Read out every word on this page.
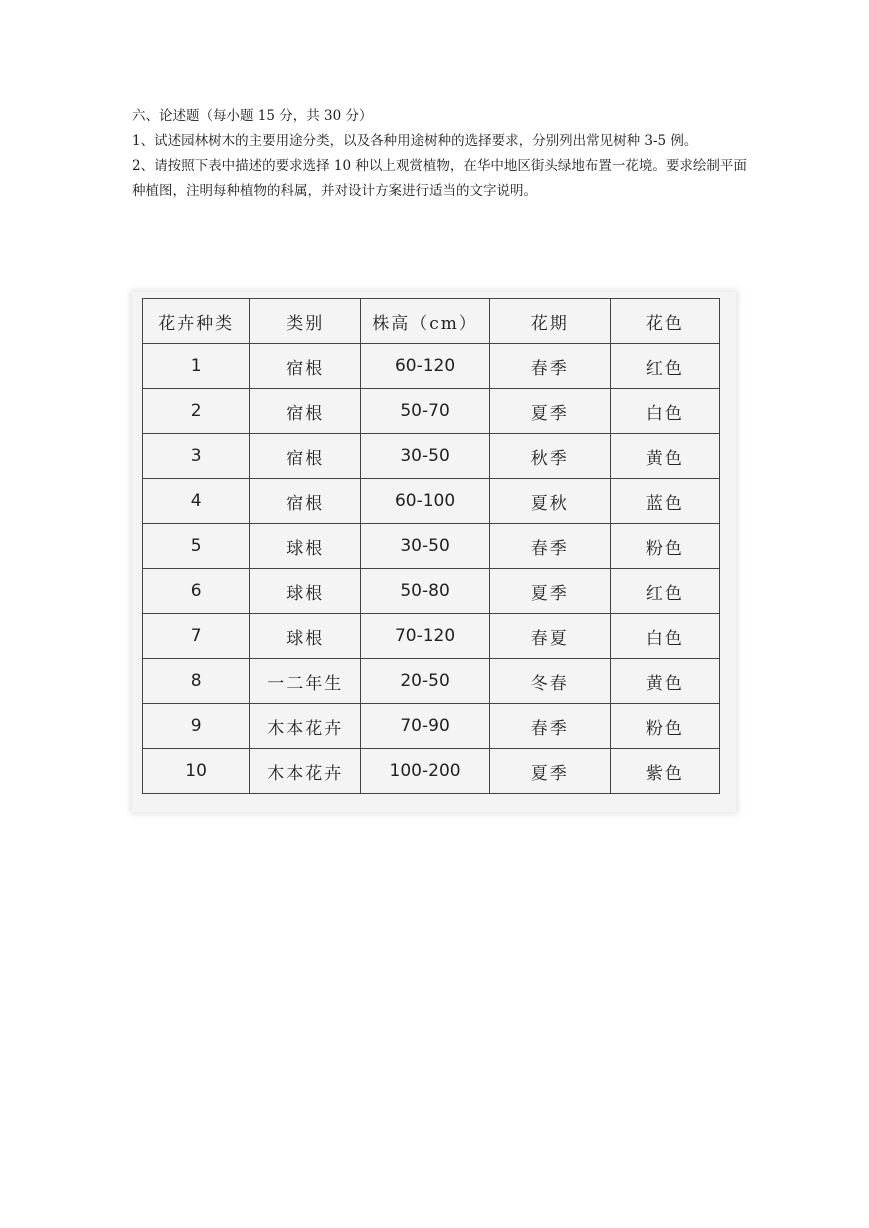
六、论述题（每小题 15 分，共 30 分）

1、试述园林树木的主要用途分类，以及各种用途树种的选择要求，分别列出常见树种 3-5 例。

2、请按照下表中描述的要求选择 10 种以上观赏植物，在华中地区街头绿地布置一花境。要求绘制平面种植图，注明每种植物的科属，并对设计方案进行适当的文字说明。

花卉种类	类别	株高（cm）	花期	花色
1	宿根	60-120	春季	红色
2	宿根	50-70	夏季	白色
3	宿根	30-50	秋季	黄色
4	宿根	60-100	夏秋	蓝色
5	球根	30-50	春季	粉色
6	球根	50-80	夏季	红色
7	球根	70-120	春夏	白色
8	一二年生	20-50	冬春	黄色
9	木本花卉	70-90	春季	粉色
10	木本花卉	100-200	夏季	紫色
